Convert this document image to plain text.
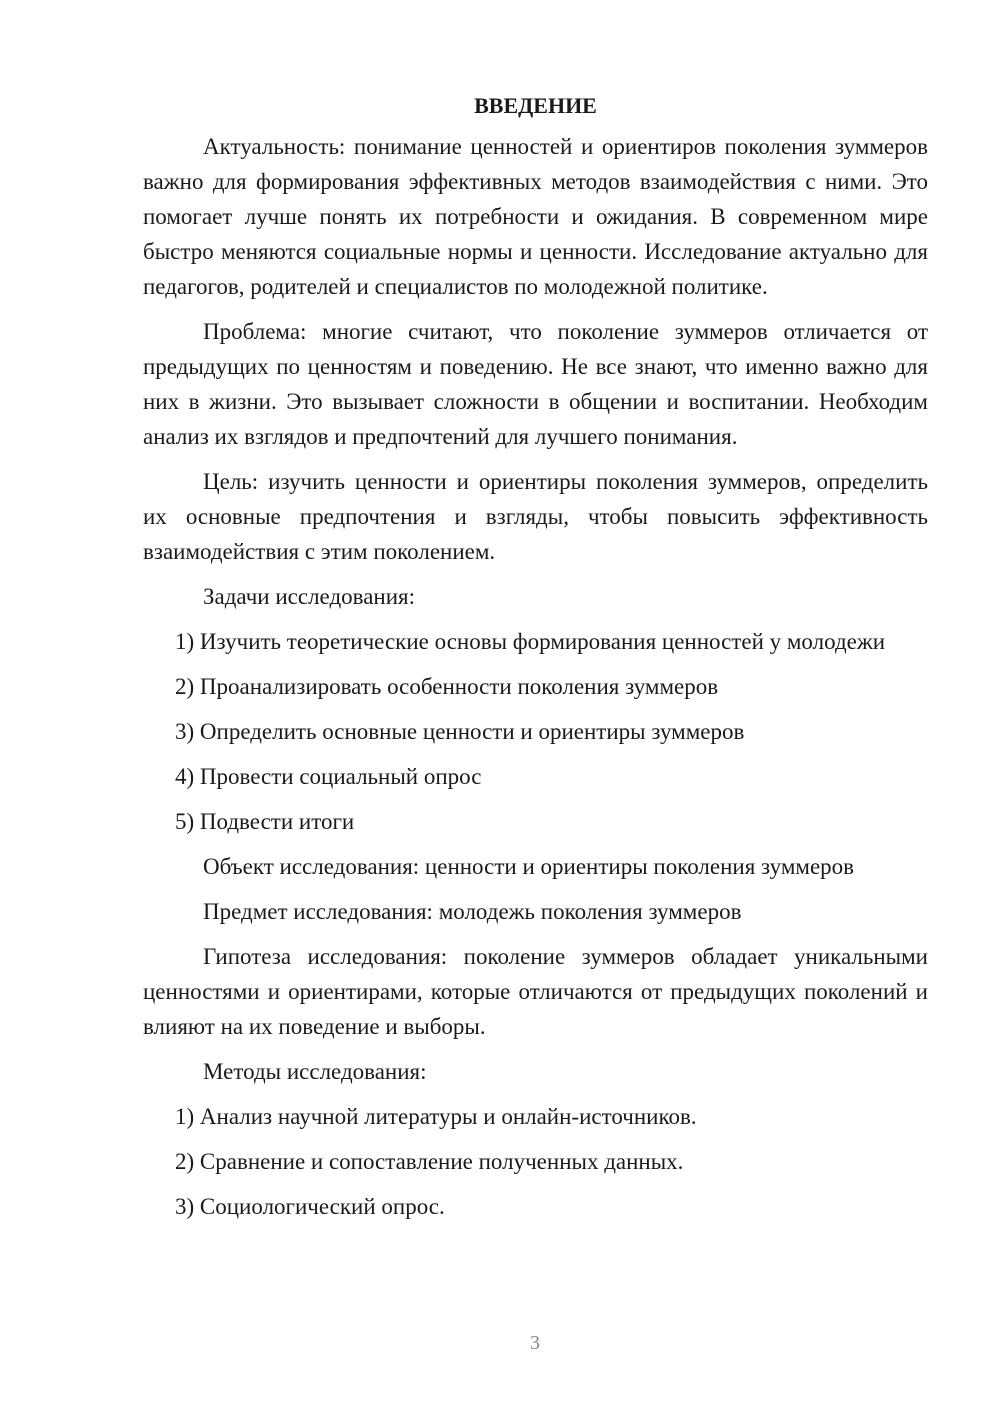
ВВЕДЕНИЕ

Актуальность: понимание ценностей и ориентиров поколения зуммеров важно для формирования эффективных методов взаимодействия с ними. Это помогает лучше понять их потребности и ожидания. В современном мире быстро меняются социальные нормы и ценности. Исследование актуально для педагогов, родителей и специалистов по молодежной политике.

Проблема: многие считают, что поколение зуммеров отличается от предыдущих по ценностям и поведению. Не все знают, что именно важно для них в жизни. Это вызывает сложности в общении и воспитании. Необходим анализ их взглядов и предпочтений для лучшего понимания.

Цель: изучить ценности и ориентиры поколения зуммеров, определить их основные предпочтения и взгляды, чтобы повысить эффективность взаимодействия с этим поколением.

Задачи исследования:

1) Изучить теоретические основы формирования ценностей у молодежи

2) Проанализировать особенности поколения зуммеров

3) Определить основные ценности и ориентиры зуммеров

4) Провести социальный опрос

5) Подвести итоги

Объект исследования: ценности и ориентиры поколения зуммеров

Предмет исследования: молодежь поколения зуммеров

Гипотеза исследования: поколение зуммеров обладает уникальными ценностями и ориентирами, которые отличаются от предыдущих поколений и влияют на их поведение и выборы.

Методы исследования:

1) Анализ научной литературы и онлайн-источников.

2) Сравнение и сопоставление полученных данных.

3) Социологический опрос.

3
